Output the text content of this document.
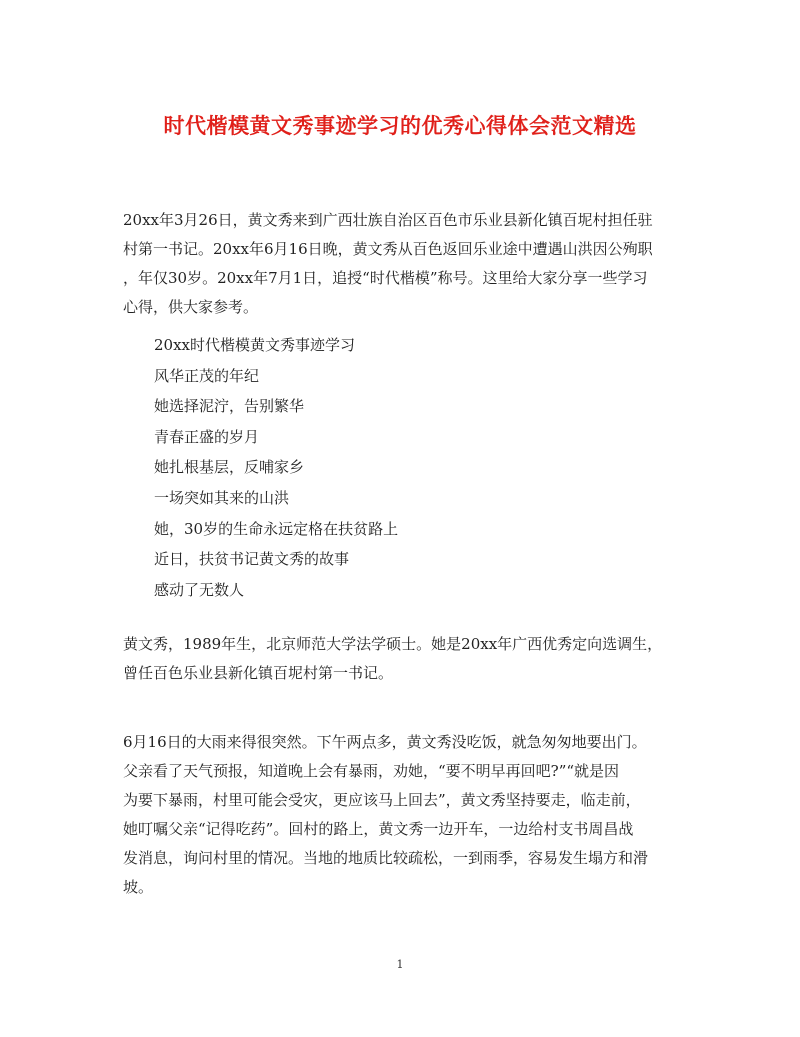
时代楷模黄文秀事迹学习的优秀心得体会范文精选

20xx年3月26日，黄文秀来到广西壮族自治区百色市乐业县新化镇百坭村担任驻
村第一书记。20xx年6月16日晚，黄文秀从百色返回乐业途中遭遇山洪因公殉职
，年仅30岁。20xx年7月1日，追授“时代楷模”称号。这里给大家分享一些学习
心得，供大家参考。

20xx时代楷模黄文秀事迹学习
风华正茂的年纪
她选择泥泞，告别繁华
青春正盛的岁月
她扎根基层，反哺家乡
一场突如其来的山洪
她，30岁的生命永远定格在扶贫路上
近日，扶贫书记黄文秀的故事
感动了无数人

黄文秀，1989年生，北京师范大学法学硕士。她是20xx年广西优秀定向选调生，
曾任百色乐业县新化镇百坭村第一书记。

6月16日的大雨来得很突然。下午两点多，黄文秀没吃饭，就急匆匆地要出门。
父亲看了天气预报，知道晚上会有暴雨，劝她，“要不明早再回吧?”“就是因
为要下暴雨，村里可能会受灾，更应该马上回去”，黄文秀坚持要走，临走前，
她叮嘱父亲“记得吃药”。回村的路上，黄文秀一边开车，一边给村支书周昌战
发消息，询问村里的情况。当地的地质比较疏松，一到雨季，容易发生塌方和滑
坡。

1
